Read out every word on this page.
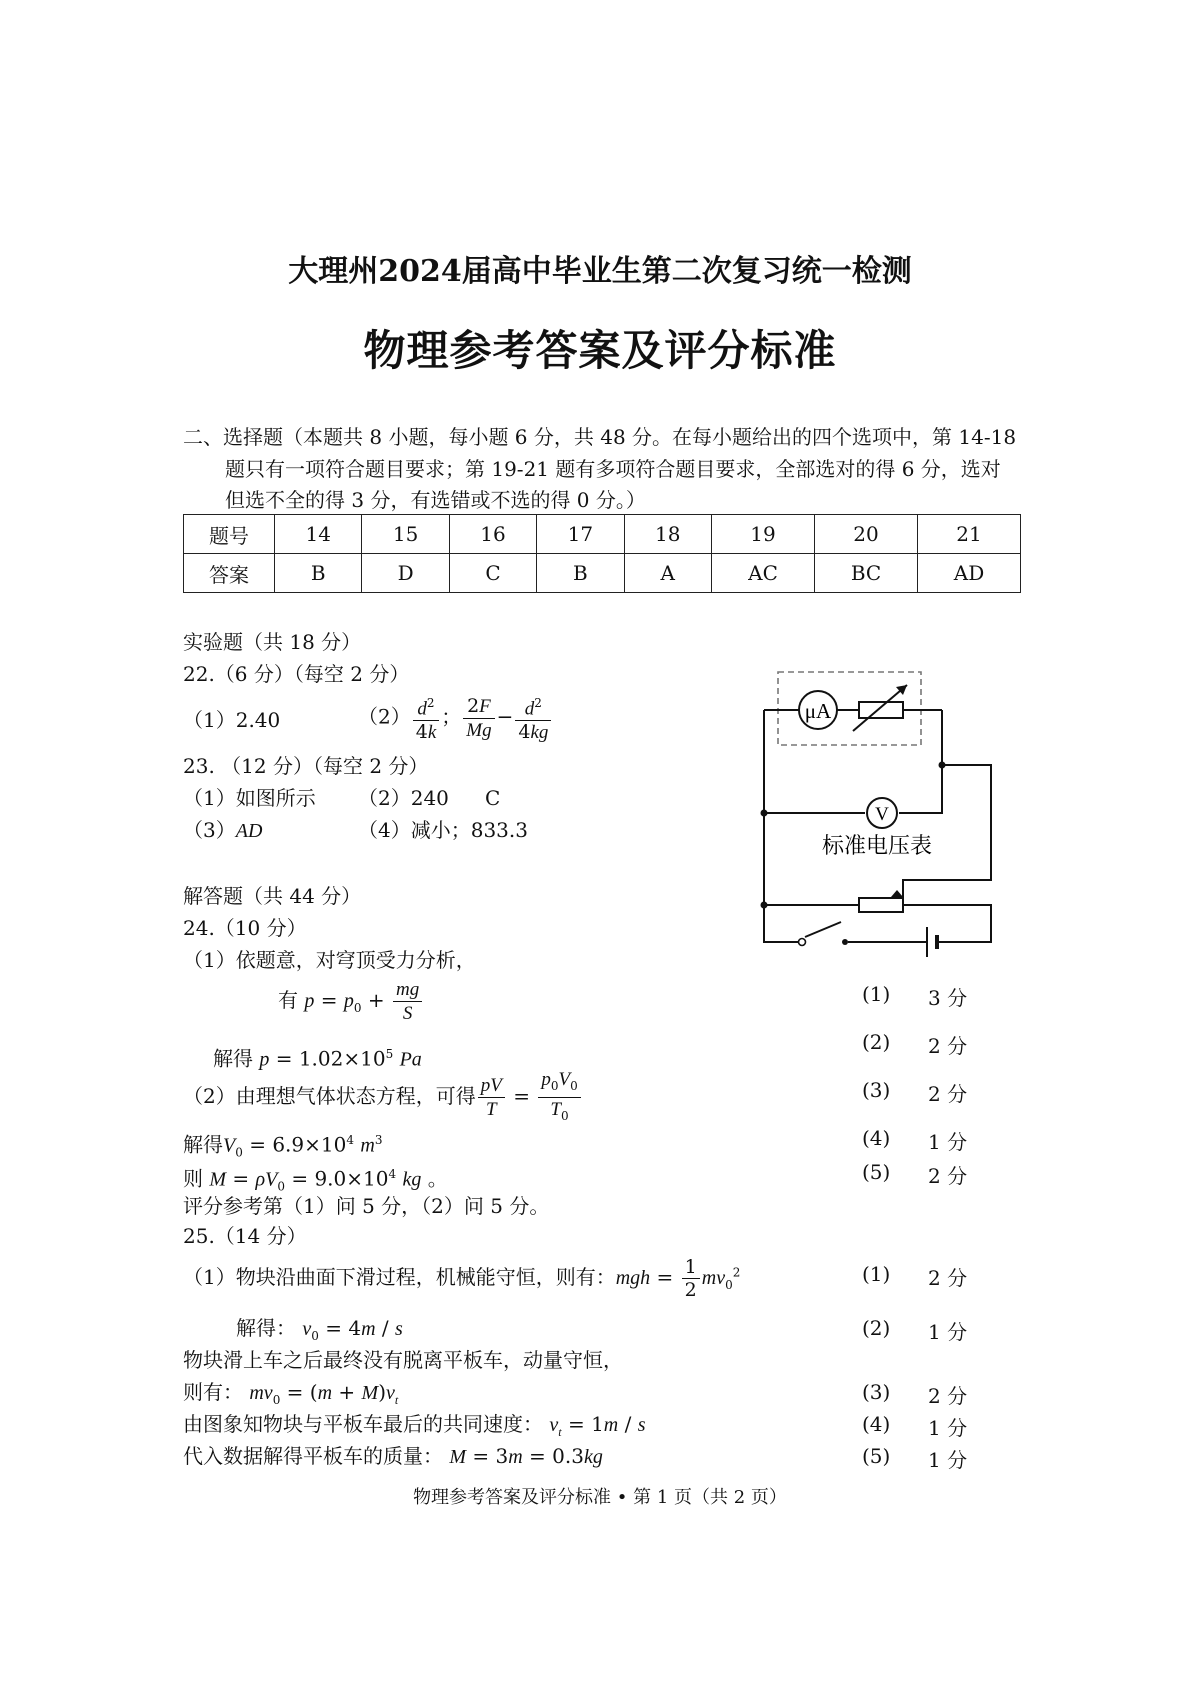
大理州2024届高中毕业生第二次复习统一检测
物理参考答案及评分标准
二、选择题（本题共 8 小题，每小题 6 分，共 48 分。在每小题给出的四个选项中，第 14-18
题只有一项符合题目要求；第 19-21 题有多项符合题目要求，全部选对的得 6 分，选对
但选不全的得 3 分，有选错或不选的得 0 分。）
题号	14	15	16	17	18	19	20	21
答案	B	D	C	B	A	AC	BC	AD
实验题（共 18 分）
22.（6 分）（每空 2 分）
（1）2.40	$(2) \frac{d^2}{4k}$ ； $\frac{2F}{Mg} - \frac{d^2}{4kg}$
23. （12 分）（每空 2 分）
（1）如图所示 （2）240 C
（3）AD	（4）减小；833.3
μA
V
标准电压表
解答题（共 44 分）
24.（10 分）
（1）依题意，对穹顶受力分析，
有 $p = p_0 + \frac{mg}{S}$
解得 $p = 1.02\times 10^5$ Pa
（2）由理想气体状态方程，可得 $\frac{pV}{T} = \frac{p_0V_0}{T_0}$
解得$V_0 = 6.9\times 10^4$ $m^3$
则 $M = \rho V_0 = 9.0\times 10^4$ kg 。
评分参考第（1）问 5 分，（2）问 5 分。
(1) 3 分
(2) 2 分
(3) 2 分
(4) 1 分
(5) 2 分
25.（14 分）
（1）物块沿曲面下滑过程，机械能守恒，则有：mgh = $\frac{1}{2} mv_0^2$
解得： $v_0 = 4m / s$
物块滑上车之后最终没有脱离平板车，动量守恒，
则有： $mv_0 = (m + M)v_t$
由图象知物块与平板车最后的共同速度： $v_t = 1m / s$
代入数据解得平板车的质量： M = 3m = 0.3kg
(1) 2 分
(2) 1 分
(3) 2 分
(4) 1 分
(5) 1 分
物理参考答案及评分标准 • 第 1 页（共 2 页）
